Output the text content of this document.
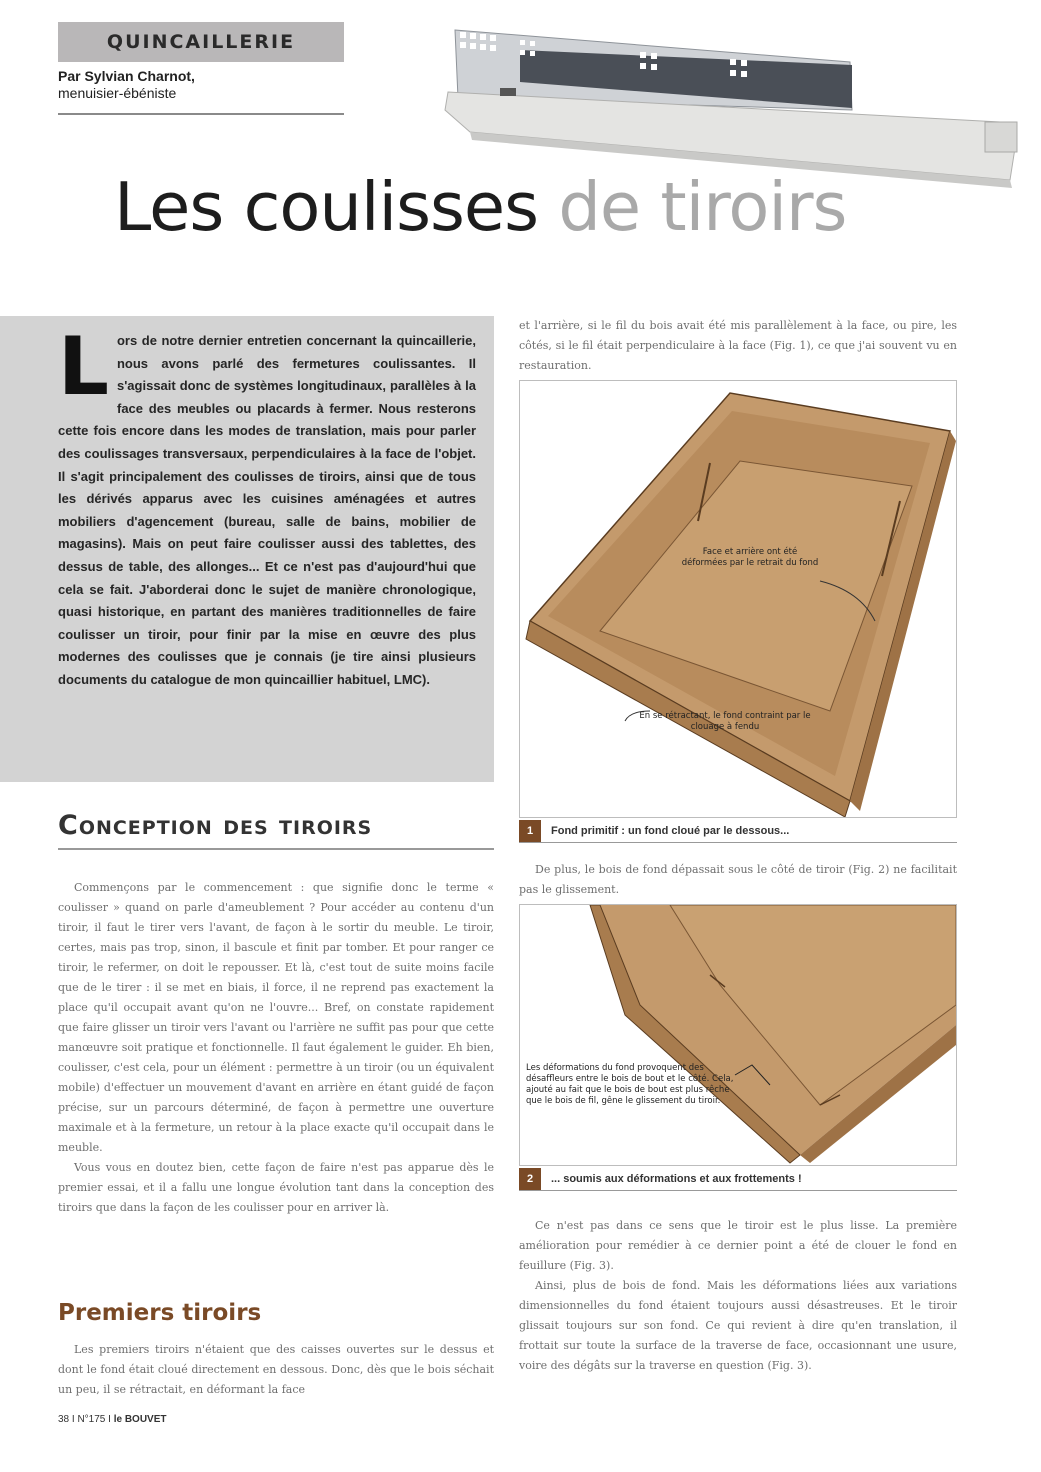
QUINCAILLERIE
Par Sylvian Charnot,
menuisier-ébéniste
Les coulisses de tiroirs
Lors de notre dernier entretien concernant la quincaillerie, nous avons parlé des fermetures coulissantes. Il s'agissait donc de systèmes longitudinaux, parallèles à la face des meubles ou placards à fermer. Nous resterons cette fois encore dans les modes de translation, mais pour parler des coulissages transversaux, perpendiculaires à la face de l'objet. Il s'agit principalement des coulisses de tiroirs, ainsi que de tous les dérivés apparus avec les cuisines aménagées et autres mobiliers d'agencement (bureau, salle de bains, mobilier de magasins). Mais on peut faire coulisser aussi des tablettes, des dessus de table, des allonges... Et ce n'est pas d'aujourd'hui que cela se fait. J'aborderai donc le sujet de manière chronologique, quasi historique, en partant des manières traditionnelles de faire coulisser un tiroir, pour finir par la mise en œuvre des plus modernes des coulisses que je connais (je tire ainsi plusieurs documents du catalogue de mon quincaillier habituel, LMC).
Conception des tiroirs

Commençons par le commencement : que signifie donc le terme « coulisser » quand on parle d'ameublement ? Pour accéder au contenu d'un tiroir, il faut le tirer vers l'avant, de façon à le sortir du meuble. Le tiroir, certes, mais pas trop, sinon, il bascule et finit par tomber. Et pour ranger ce tiroir, le refermer, on doit le repousser. Et là, c'est tout de suite moins facile que de le tirer : il se met en biais, il force, il ne reprend pas exactement la place qu'il occupait avant qu'on ne l'ouvre... Bref, on constate rapidement que faire glisser un tiroir vers l'avant ou l'arrière ne suffit pas pour que cette manœuvre soit pratique et fonctionnelle. Il faut également le guider. Eh bien, coulisser, c'est cela, pour un élément : permettre à un tiroir (ou un équivalent mobile) d'effectuer un mouvement d'avant en arrière en étant guidé de façon précise, sur un parcours déterminé, de façon à permettre une ouverture maximale et à la fermeture, un retour à la place exacte qu'il occupait dans le meuble.

Vous vous en doutez bien, cette façon de faire n'est pas apparue dès le premier essai, et il a fallu une longue évolution tant dans la conception des tiroirs que dans la façon de les coulisser pour en arriver là.

Premiers tiroirs

Les premiers tiroirs n'étaient que des caisses ouvertes sur le dessus et dont le fond était cloué directement en dessous. Donc, dès que le bois séchait un peu, il se rétractait, en déformant la face

et l'arrière, si le fil du bois avait été mis parallèlement à la face, ou pire, les côtés, si le fil était perpendiculaire à la face (Fig. 1), ce que j'ai souvent vu en restauration.

Face et arrière ont été déformées par le retrait du fond
En se rétractant, le fond contraint par le clouage à fendu
1	Fond primitif : un fond cloué par le dessous...

De plus, le bois de fond dépassait sous le côté de tiroir (Fig. 2) ne facilitait pas le glissement.

Les déformations du fond provoquent des désaffleurs entre le bois de bout et le côté. Cela, ajouté au fait que le bois de bout est plus rêche que le bois de fil, gêne le glissement du tiroir.
2	... soumis aux déformations et aux frottements !

Ce n'est pas dans ce sens que le tiroir est le plus lisse. La première amélioration pour remédier à ce dernier point a été de clouer le fond en feuillure (Fig. 3).

Ainsi, plus de bois de fond. Mais les déformations liées aux variations dimensionnelles du fond étaient toujours aussi désastreuses. Et le tiroir glissait toujours sur son fond. Ce qui revient à dire qu'en translation, il frottait sur toute la surface de la traverse de face, occasionnant une usure, voire des dégâts sur la traverse en question (Fig. 3).

38 I N°175 I le BOUVET
